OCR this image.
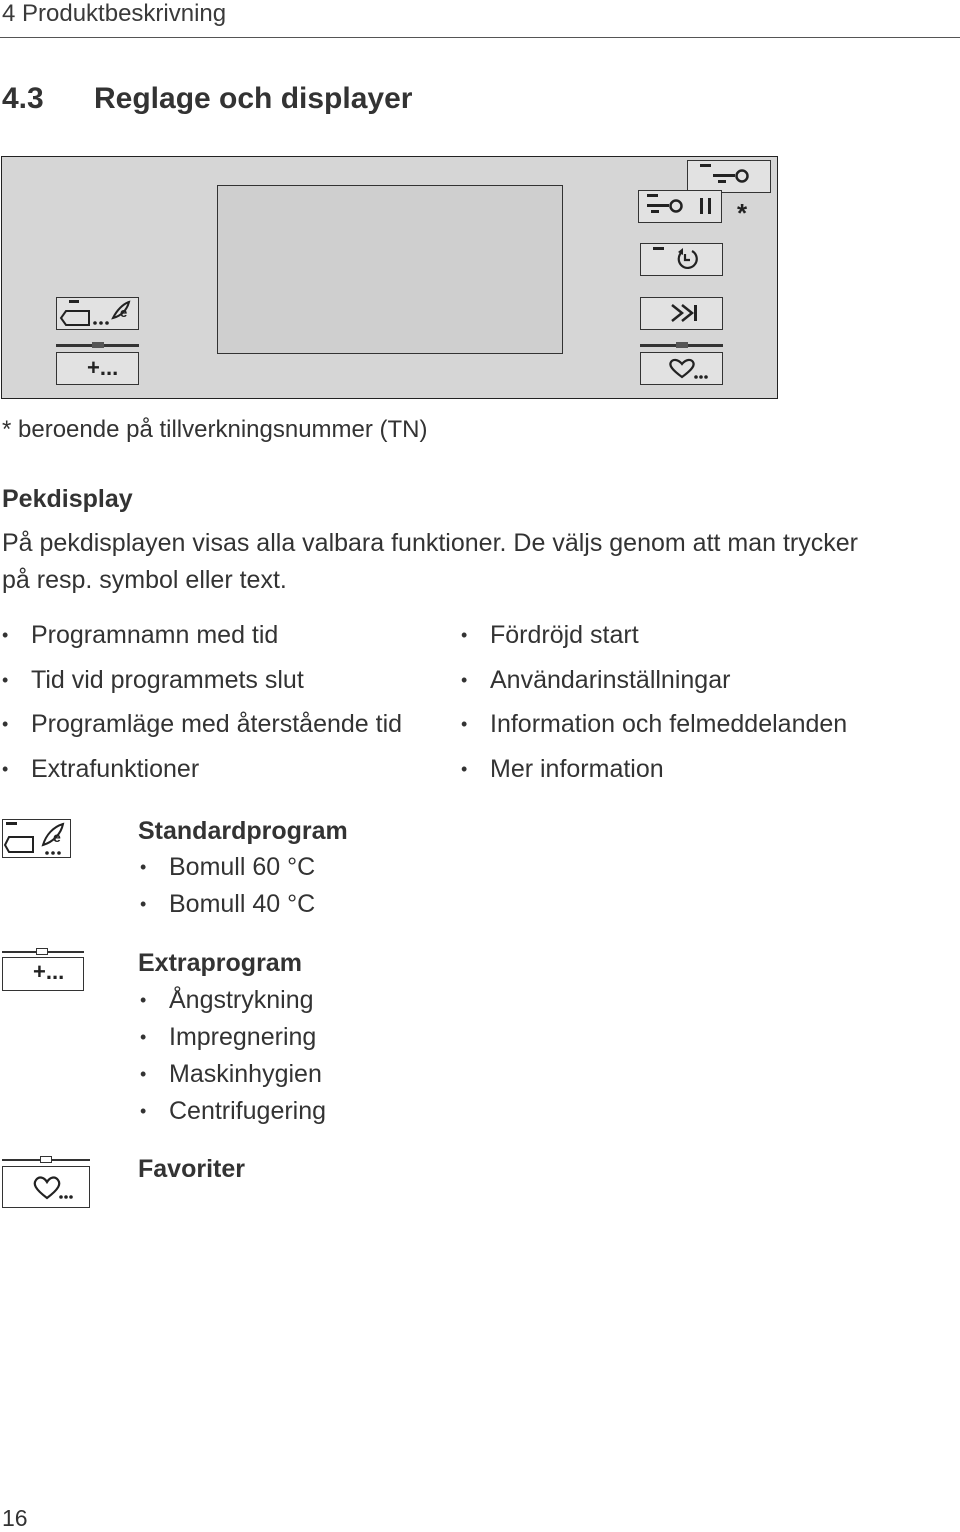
4 Produktbeskrivning
4.3 Reglage och displayer
e
+...
*
* beroende på tillverkningsnummer (TN)
Pekdisplay
På pekdisplayen visas alla valbara funktioner. De väljs genom att man trycker
på resp. symbol eller text.
• Programnamn med tid
• Tid vid programmets slut
• Programläge med återstående tid
• Extrafunktioner
• Fördröjd start
• Användarinställningar
• Information och felmeddelanden
• Mer information
e	Standardprogram
• Bomull 60 °C
• Bomull 40 °C
+...	Extraprogram
• Ångstrykning
• Impregnering
• Maskinhygien
• Centrifugering
Favoriter
16
